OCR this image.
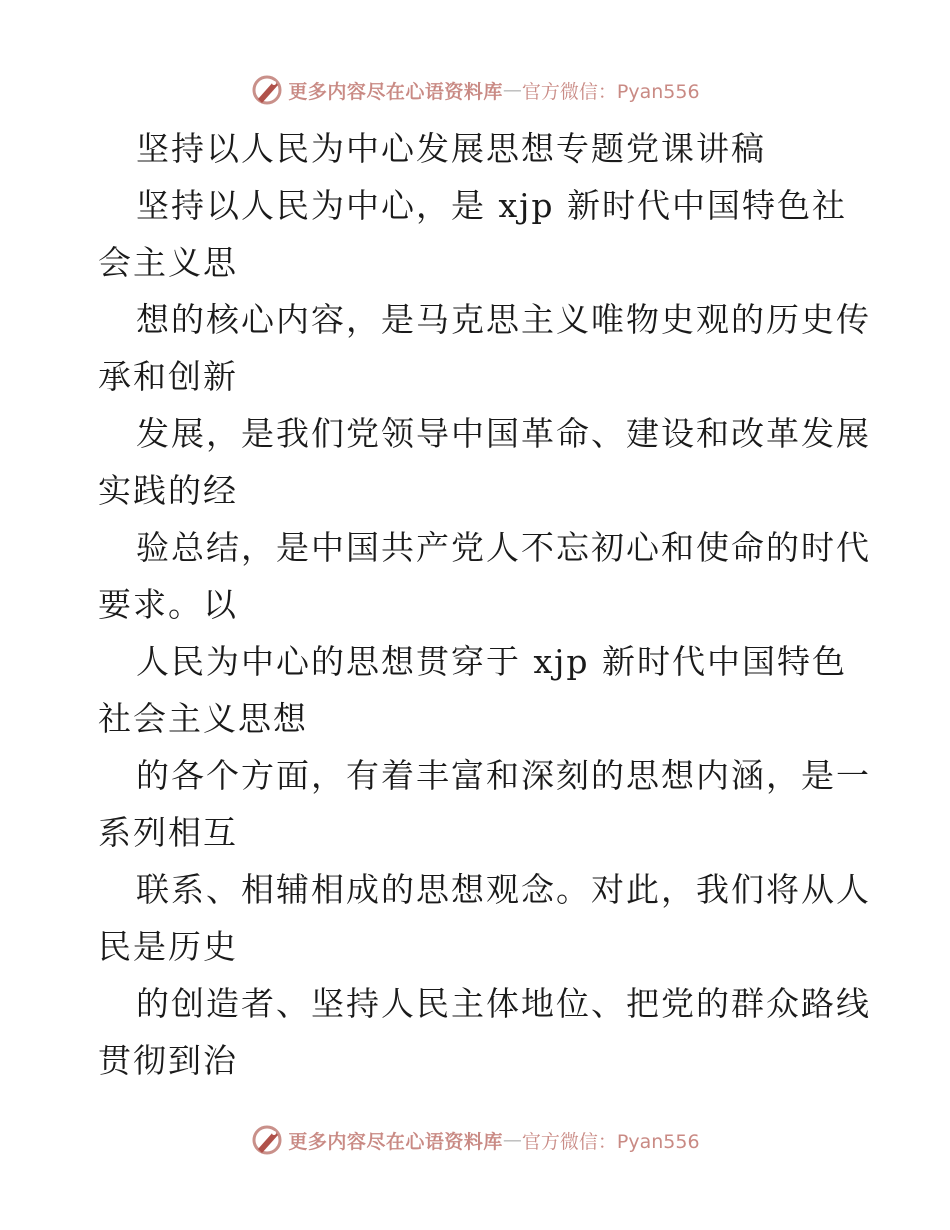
更多内容尽在心语资料库 — 官方微信：Pyan556
坚持以人民为中心发展思想专题党课讲稿
坚持以人民为中心，是 xjp 新时代中国特色社
会主义思
想的核心内容，是马克思主义唯物史观的历史传
承和创新
发展，是我们党领导中国革命、建设和改革发展
实践的经
验总结，是中国共产党人不忘初心和使命的时代
要求。以
人民为中心的思想贯穿于 xjp 新时代中国特色
社会主义思想
的各个方面，有着丰富和深刻的思想内涵，是一
系列相互
联系、相辅相成的思想观念。对此，我们将从人
民是历史
的创造者、坚持人民主体地位、把党的群众路线
贯彻到治
更多内容尽在心语资料库 — 官方微信：Pyan556
